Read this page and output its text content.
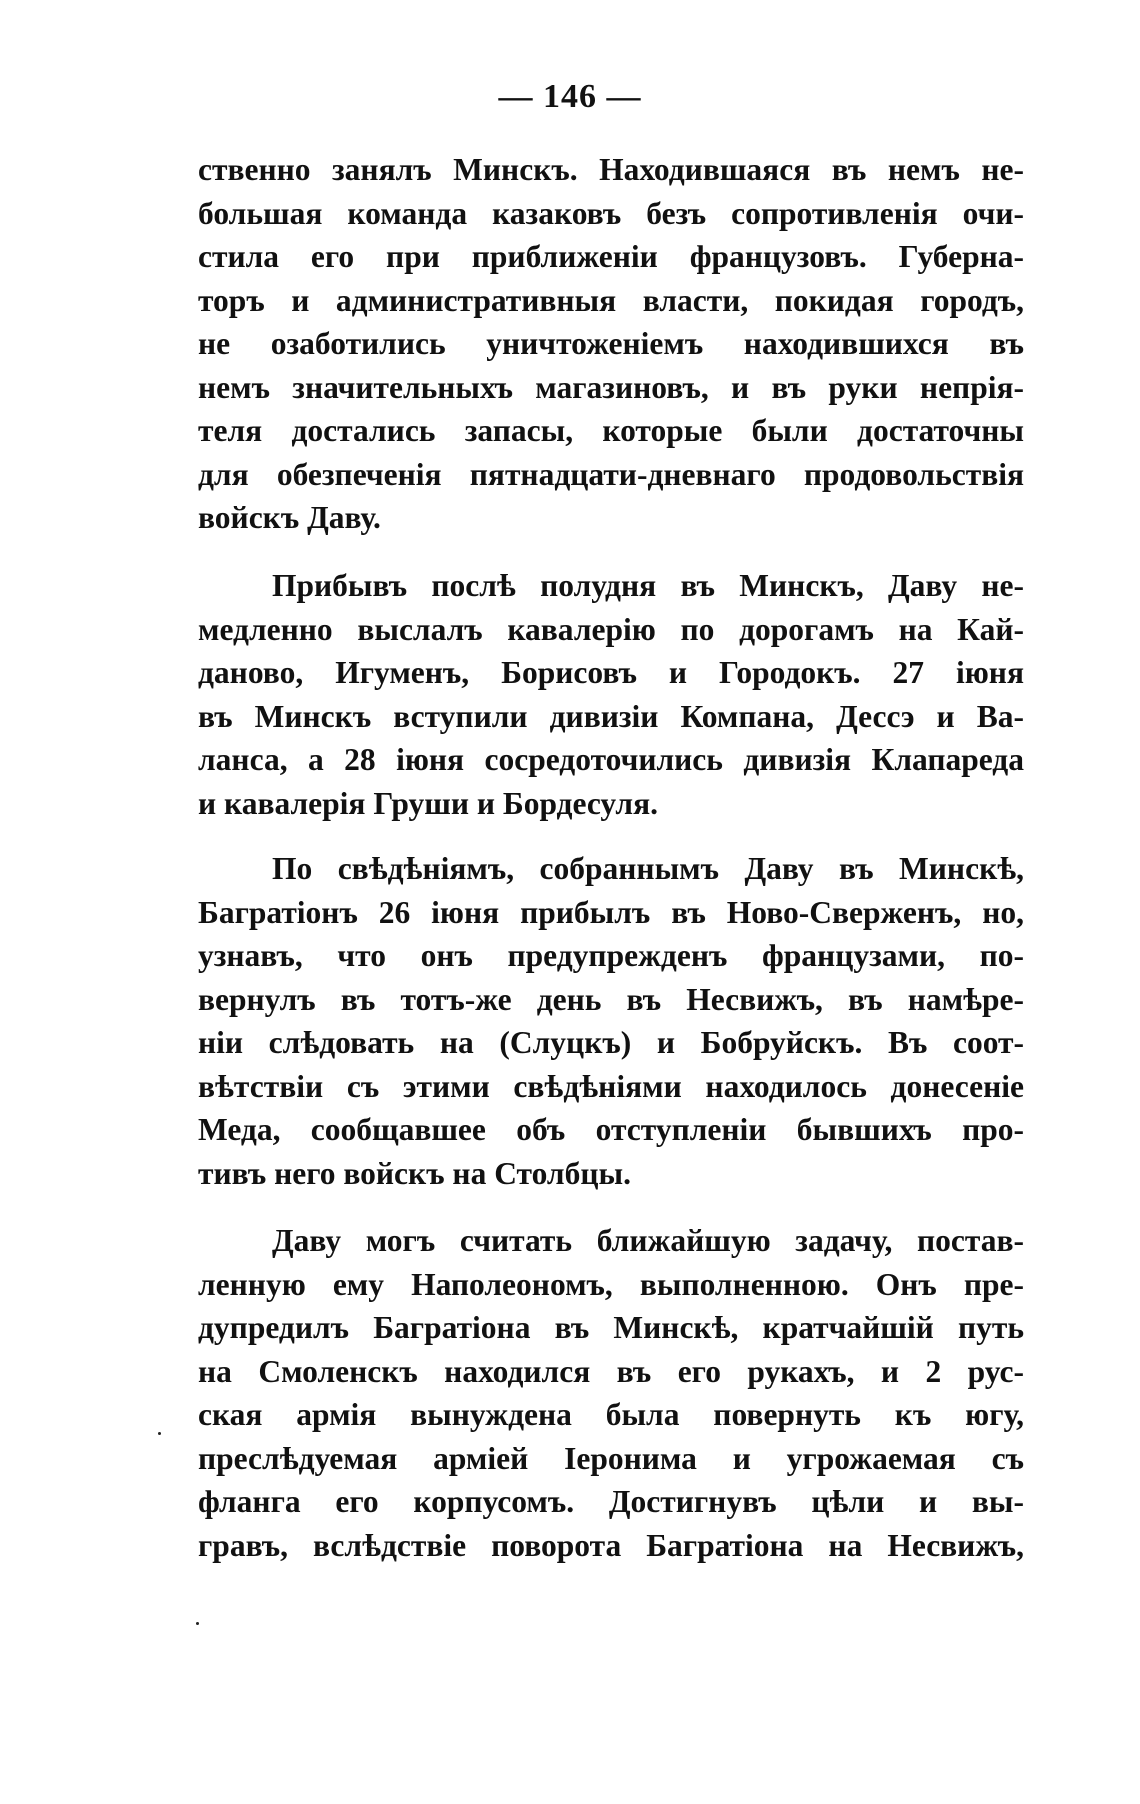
— 146 —
ственно занялъ Минскъ. Находившаяся въ немъ не-
большая команда казаковъ безъ сопротивленія очи-
стила его при приближеніи французовъ. Губерна-
торъ и административныя власти, покидая городъ,
не озаботились уничтоженіемъ находившихся въ
немъ значительныхъ магазиновъ, и въ руки непрія-
теля достались запасы, которые были достаточны
для обезпеченія пятнадцати-дневнаго продовольствія
войскъ Даву.
Прибывъ послѣ полудня въ Минскъ, Даву не-
медленно выслалъ кавалерію по дорогамъ на Кай-
даново, Игуменъ, Борисовъ и Городокъ. 27 іюня
въ Минскъ вступили дивизіи Компана, Дессэ и Ва-
ланса, а 28 іюня сосредоточились дивизія Клапареда
и кавалерія Груши и Бордесуля.
По свѣдѣніямъ, собраннымъ Даву въ Минскѣ,
Багратіонъ 26 іюня прибылъ въ Ново-Сверженъ, но,
узнавъ, что онъ предупрежденъ французами, по-
вернулъ въ тотъ-же день въ Несвижъ, въ намѣре-
ніи слѣдовать на (Слуцкъ) и Бобруйскъ. Въ соот-
вѣтствіи съ этими свѣдѣніями находилось донесеніе
Меда, сообщавшее объ отступленіи бывшихъ про-
тивъ него войскъ на Столбцы.
Даву могъ считать ближайшую задачу, постав-
ленную ему Наполеономъ, выполненною. Онъ пре-
дупредилъ Багратіона въ Минскѣ, кратчайшій путь
на Смоленскъ находился въ его рукахъ, и 2 рус-
ская армія вынуждена была повернуть къ югу,
преслѣдуемая арміей Іеронима и угрожаемая съ
фланга его корпусомъ. Достигнувъ цѣли и вы-
гравъ, вслѣдствіе поворота Багратіона на Несвижъ,
